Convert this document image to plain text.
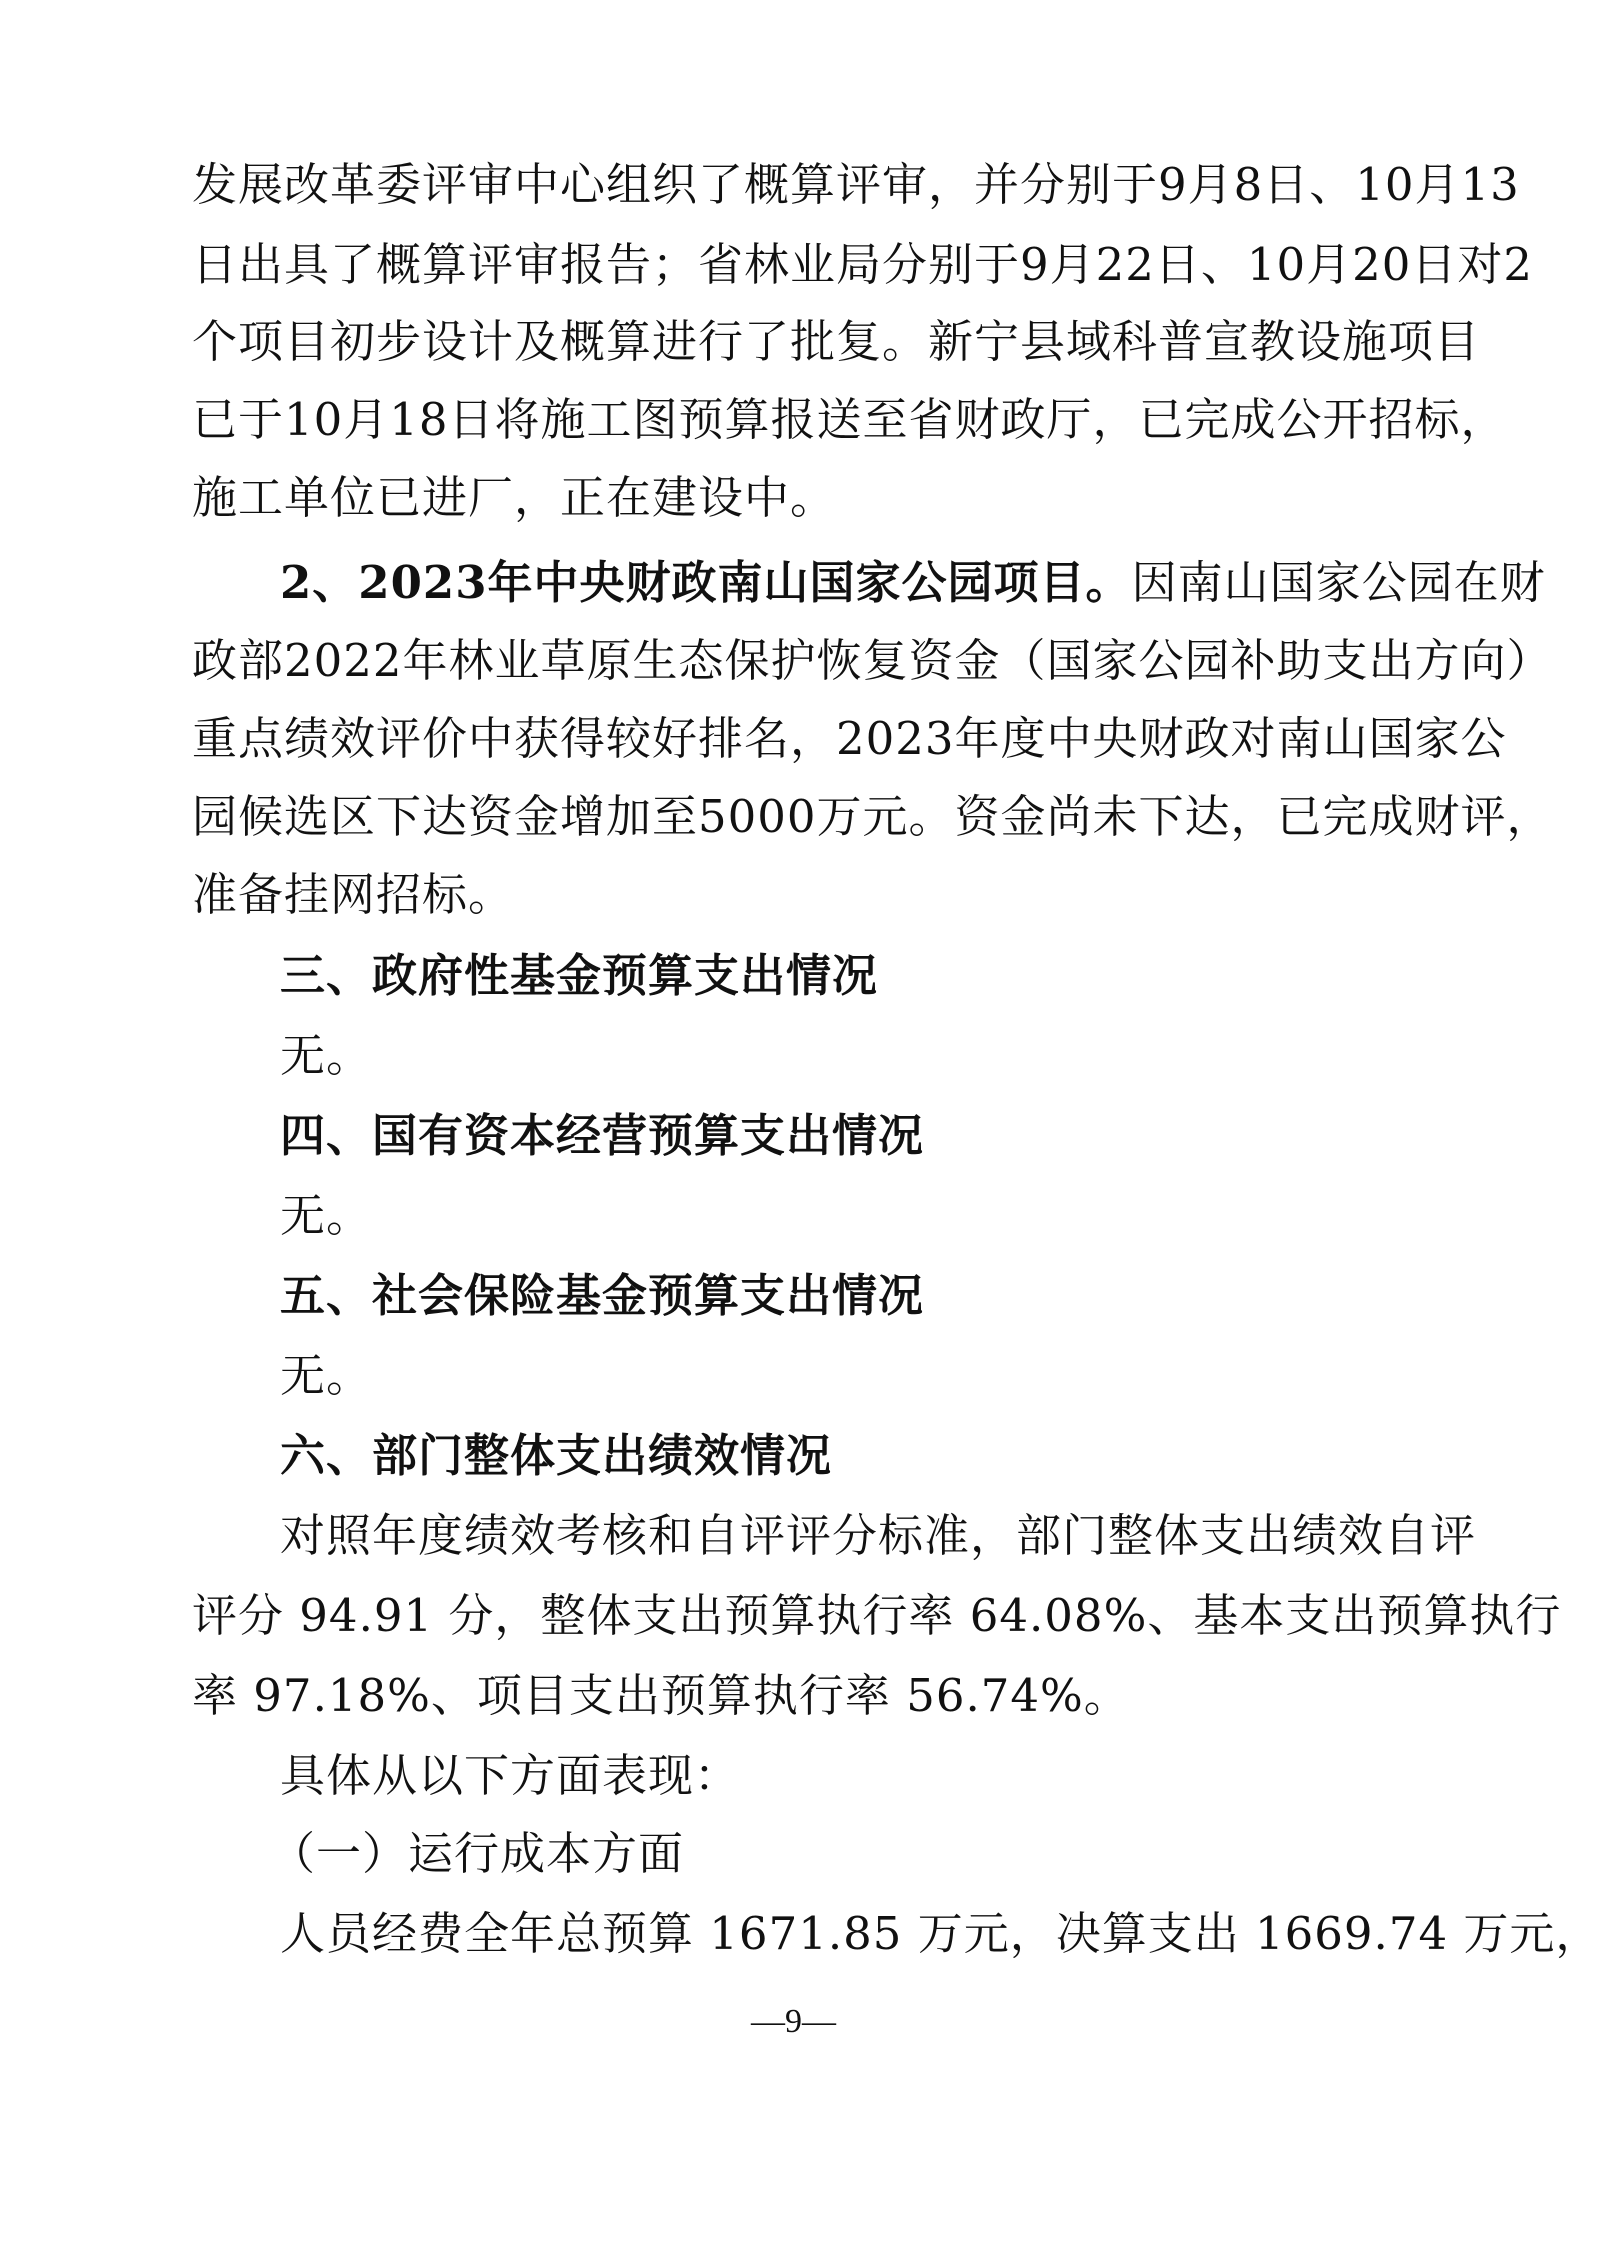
发展改革委评审中心组织了概算评审，并分别于9月8日、10月13
日出具了概算评审报告；省林业局分别于9月22日、10月20日对2
个项目初步设计及概算进行了批复。新宁县域科普宣教设施项目
已于10月18日将施工图预算报送至省财政厅，已完成公开招标，
施工单位已进厂，正在建设中。
2、2023年中央财政南山国家公园项目。 因南山国家公园在财
政部2022年林业草原生态保护恢复资金（国家公园补助支出方向）
重点绩效评价中获得较好排名，2023年度中央财政对南山国家公
园候选区下达资金增加至5000万元。资金尚未下达，已完成财评，
准备挂网招标。
三、政府性基金预算支出情况
无。
四、国有资本经营预算支出情况
无。
五、社会保险基金预算支出情况
无。
六、部门整体支出绩效情况
对照年度绩效考核和自评评分标准，部门整体支出绩效自评
评分 94.91 分，整体支出预算执行率 64.08%、基本支出预算执行
率 97.18%、项目支出预算执行率 56.74%。
具体从以下方面表现：
（一）运行成本方面
人员经费全年总预算 1671.85 万元，决算支出 1669.74 万元，
—9—
